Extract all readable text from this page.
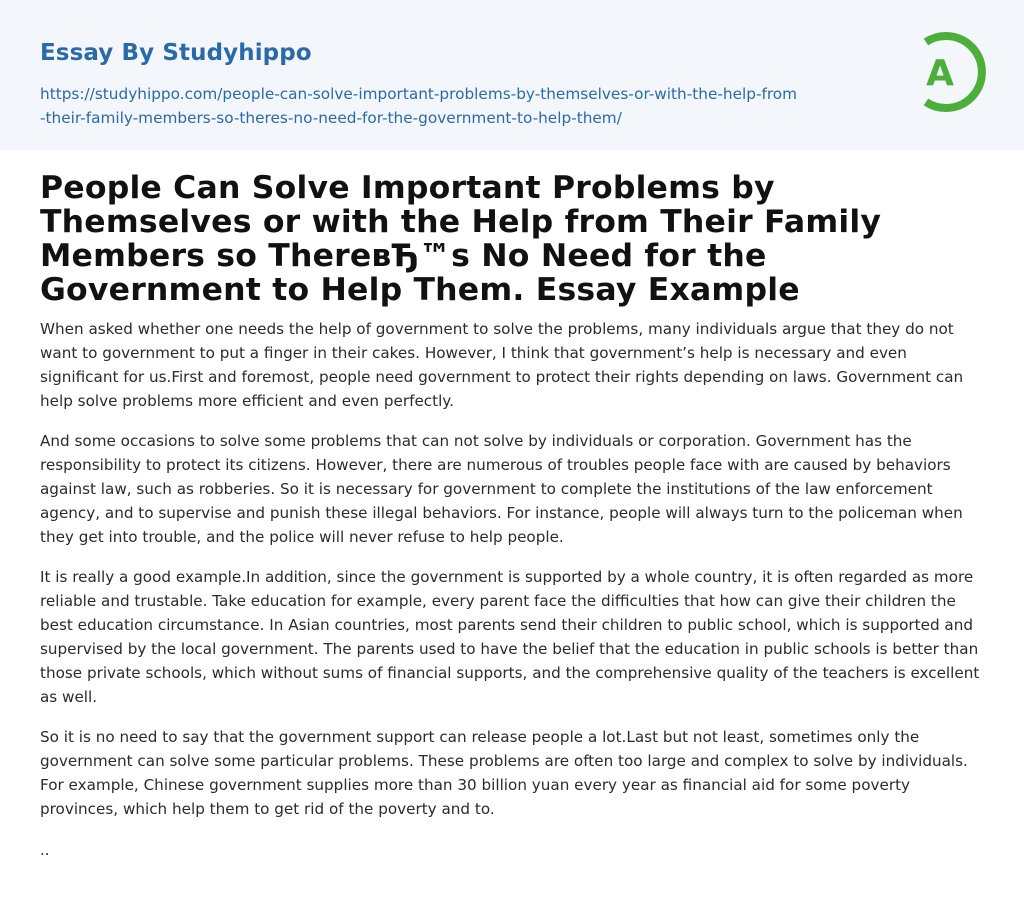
Essay By Studyhippo
https://studyhippo.com/people-can-solve-important-problems-by-themselves-or-with-the-help-from-their-family-members-so-theres-no-need-for-the-government-to-help-them/
A
People Can Solve Important Problems by Themselves or with the Help from Their Family Members so ThereвЂ™s No Need for the Government to Help Them. Essay Example

When asked whether one needs the help of government to solve the problems, many individuals argue that they do not want to government to put a finger in their cakes. However, I think that government’s help is necessary and even significant for us.First and foremost, people need government to protect their rights depending on laws. Government can help solve problems more efficient and even perfectly.

And some occasions to solve some problems that can not solve by individuals or corporation. Government has the responsibility to protect its citizens. However, there are numerous of troubles people face with are caused by behaviors against law, such as robberies. So it is necessary for government to complete the institutions of the law enforcement agency, and to supervise and punish these illegal behaviors. For instance, people will always turn to the policeman when they get into trouble, and the police will never refuse to help people.

It is really a good example.In addition, since the government is supported by a whole country, it is often regarded as more reliable and trustable. Take education for example, every parent face the difficulties that how can give their children the best education circumstance. In Asian countries, most parents send their children to public school, which is supported and supervised by the local government. The parents used to have the belief that the education in public schools is better than those private schools, which without sums of financial supports, and the comprehensive quality of the teachers is excellent as well.

So it is no need to say that the government support can release people a lot.Last but not least, sometimes only the government can solve some particular problems. These problems are often too large and complex to solve by individuals. For example, Chinese government supplies more than 30 billion yuan every year as financial aid for some poverty provinces, which help them to get rid of the poverty and to.

..
